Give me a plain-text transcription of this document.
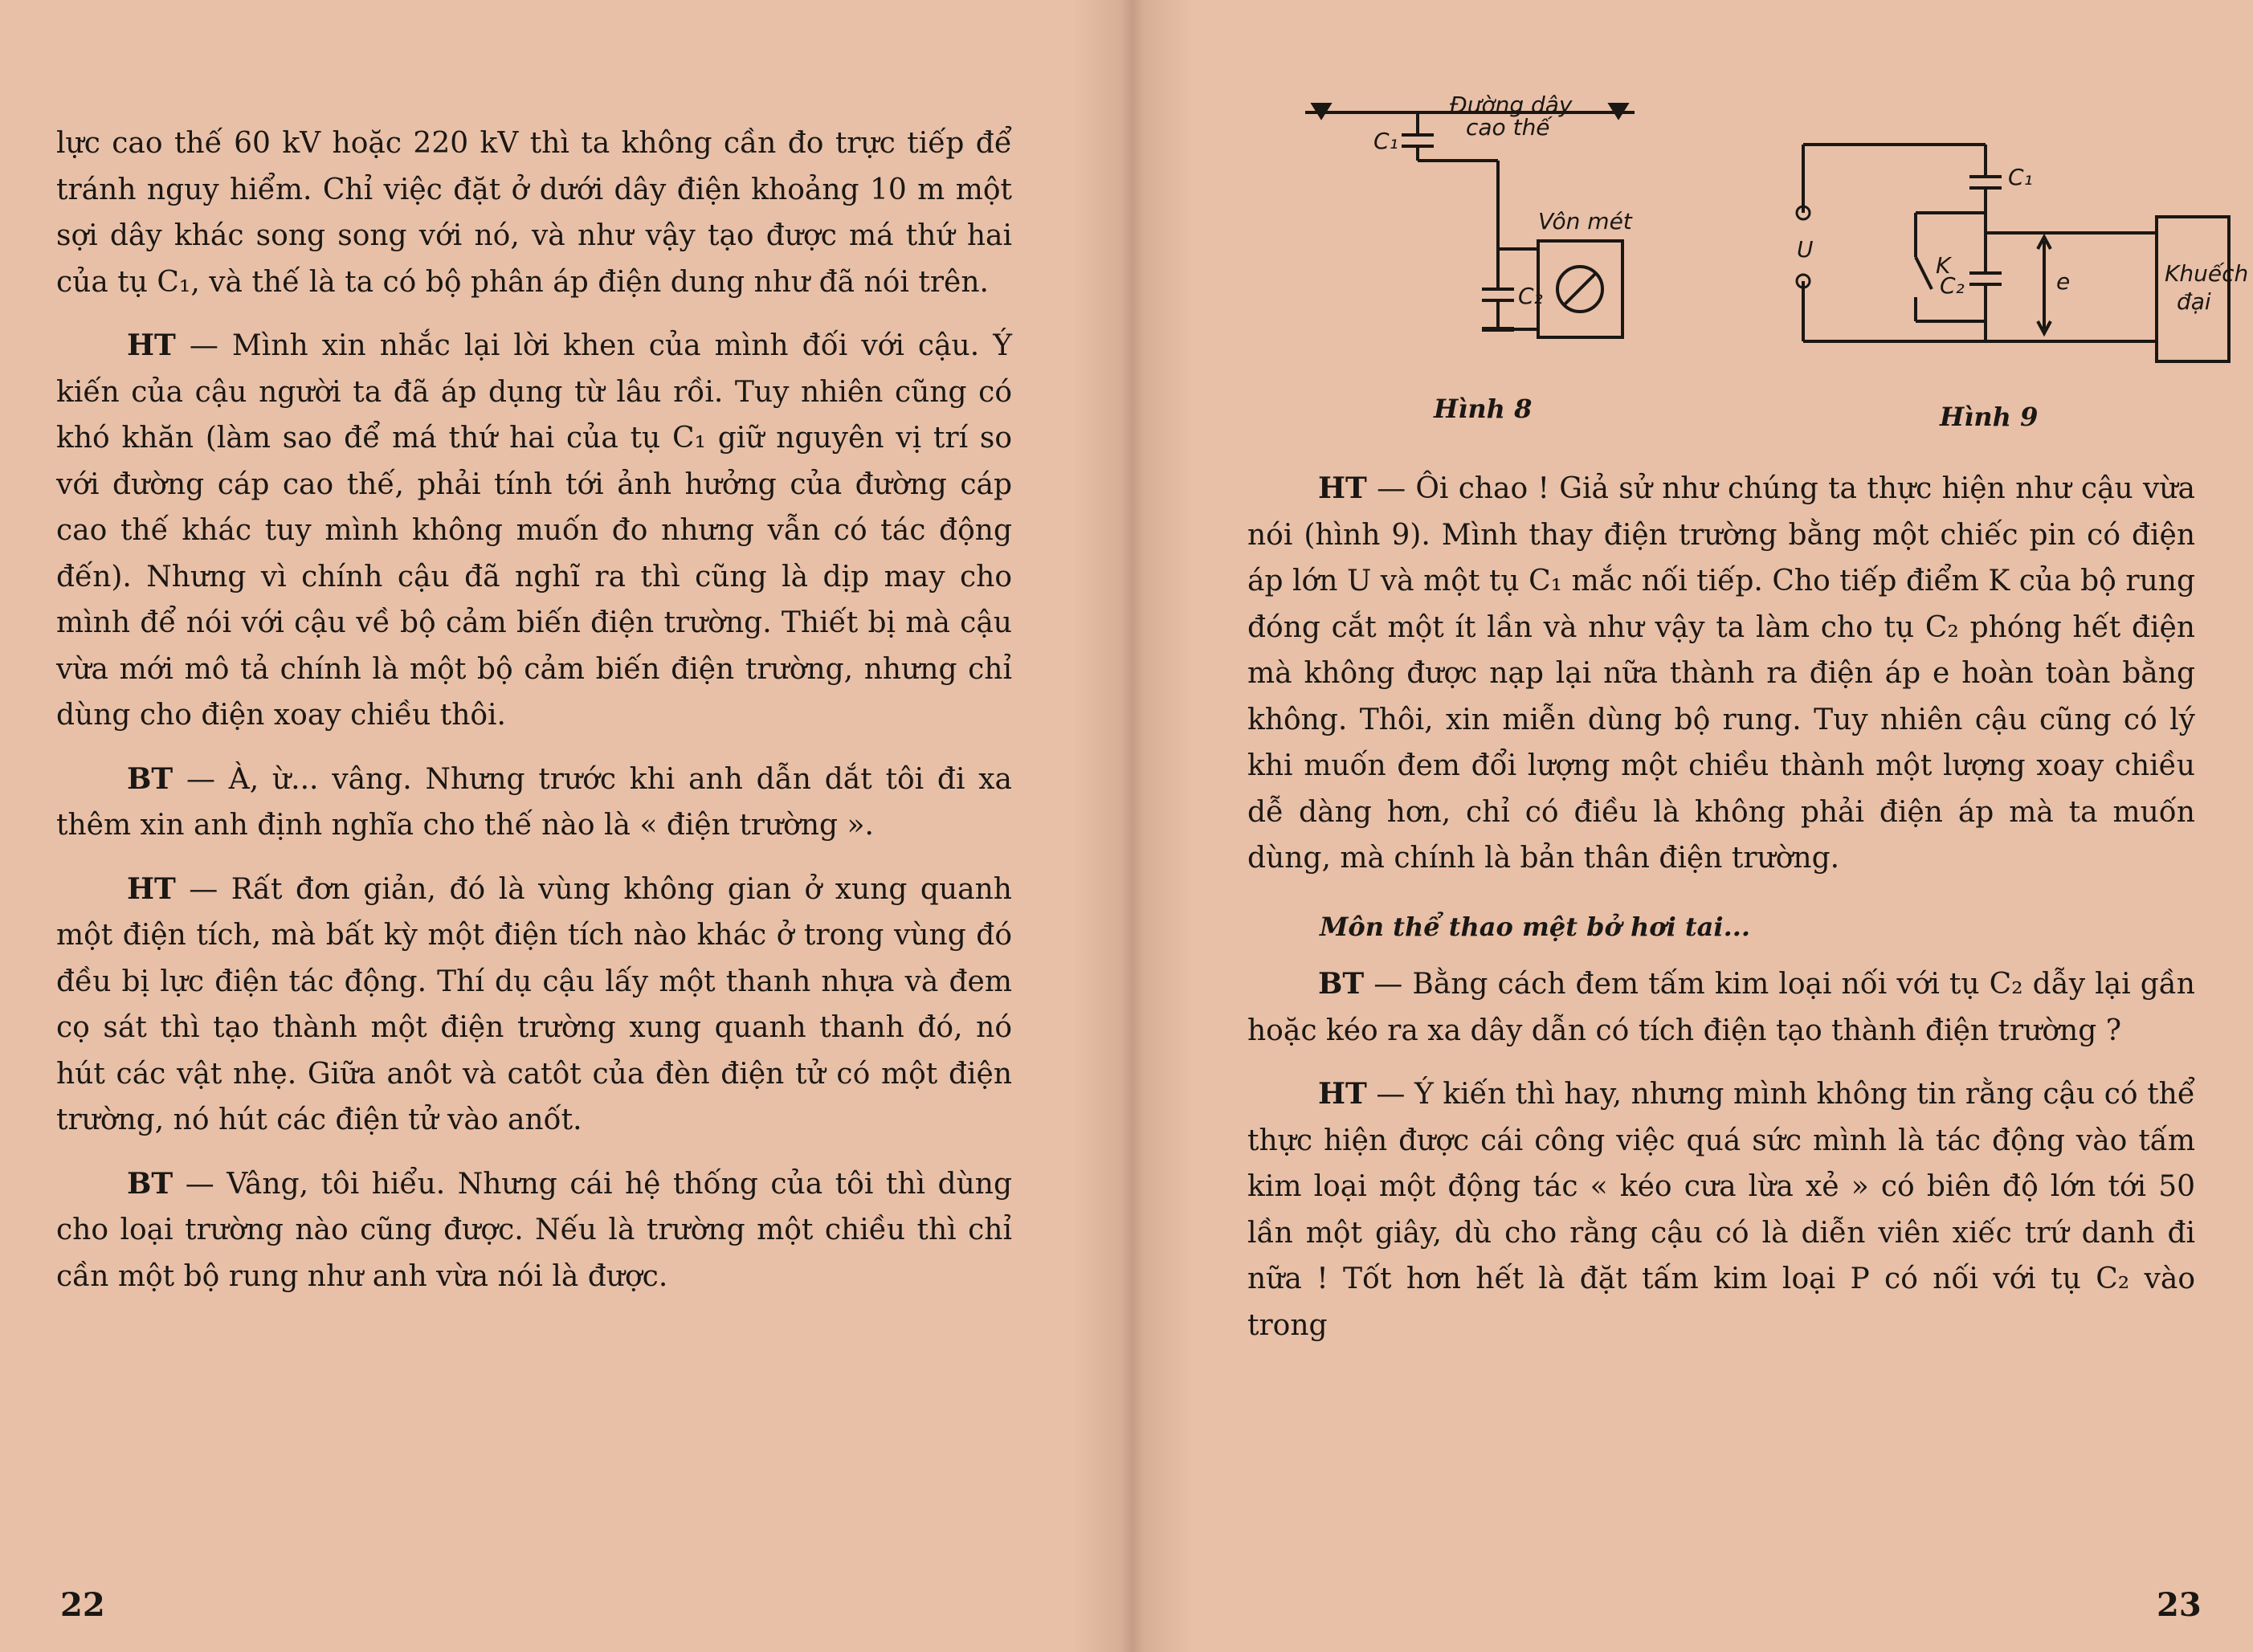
lực cao thế 60 kV hoặc 220 kV thì ta không cần đo trực tiếp để tránh nguy hiểm. Chỉ việc đặt ở dưới dây điện khoảng 10 m một sợi dây khác song song với nó, và như vậy tạo được má thứ hai của tụ C₁, và thế là ta có bộ phân áp điện dung như đã nói trên.

HT — Mình xin nhắc lại lời khen của mình đối với cậu. Ý kiến của cậu người ta đã áp dụng từ lâu rồi. Tuy nhiên cũng có khó khăn (làm sao để má thứ hai của tụ C₁ giữ nguyên vị trí so với đường cáp cao thế, phải tính tới ảnh hưởng của đường cáp cao thế khác tuy mình không muốn đo nhưng vẫn có tác động đến). Nhưng vì chính cậu đã nghĩ ra thì cũng là dịp may cho mình để nói với cậu về bộ cảm biến điện trường. Thiết bị mà cậu vừa mới mô tả chính là một bộ cảm biến điện trường, nhưng chỉ dùng cho điện xoay chiều thôi.

BT — À, ừ... vâng. Nhưng trước khi anh dẫn dắt tôi đi xa thêm xin anh định nghĩa cho thế nào là « điện trường ».

HT — Rất đơn giản, đó là vùng không gian ở xung quanh một điện tích, mà bất kỳ một điện tích nào khác ở trong vùng đó đều bị lực điện tác động. Thí dụ cậu lấy một thanh nhựa và đem cọ sát thì tạo thành một điện trường xung quanh thanh đó, nó hút các vật nhẹ. Giữa anôt và catôt của đèn điện tử có một điện trường, nó hút các điện tử vào anốt.

BT — Vâng, tôi hiểu. Nhưng cái hệ thống của tôi thì dùng cho loại trường nào cũng được. Nếu là trường một chiều thì chỉ cần một bộ rung như anh vừa nói là được.

22
C₁
Đường dây
cao thế
Vôn mét
C₂
Hình 8
C₁
U
K
C₂	e	Khuếch
đại
Hình 9

HT — Ôi chao ! Giả sử như chúng ta thực hiện như cậu vừa nói (hình 9). Mình thay điện trường bằng một chiếc pin có điện áp lớn U và một tụ C₁ mắc nối tiếp. Cho tiếp điểm K của bộ rung đóng cắt một ít lần và như vậy ta làm cho tụ C₂ phóng hết điện mà không được nạp lại nữa thành ra điện áp e hoàn toàn bằng không. Thôi, xin miễn dùng bộ rung. Tuy nhiên cậu cũng có lý khi muốn đem đổi lượng một chiều thành một lượng xoay chiều dễ dàng hơn, chỉ có điều là không phải điện áp mà ta muốn dùng, mà chính là bản thân điện trường.

Môn thể thao mệt bở hơi tai...

BT — Bằng cách đem tấm kim loại nối với tụ C₂ dẫy lại gần hoặc kéo ra xa dây dẫn có tích điện tạo thành điện trường ?

HT — Ý kiến thì hay, nhưng mình không tin rằng cậu có thể thực hiện được cái công việc quá sức mình là tác động vào tấm kim loại một động tác « kéo cưa lừa xẻ » có biên độ lớn tới 50 lần một giây, dù cho rằng cậu có là diễn viên xiếc trứ danh đi nữa ! Tốt hơn hết là đặt tấm kim loại P có nối với tụ C₂ vào trong

23
